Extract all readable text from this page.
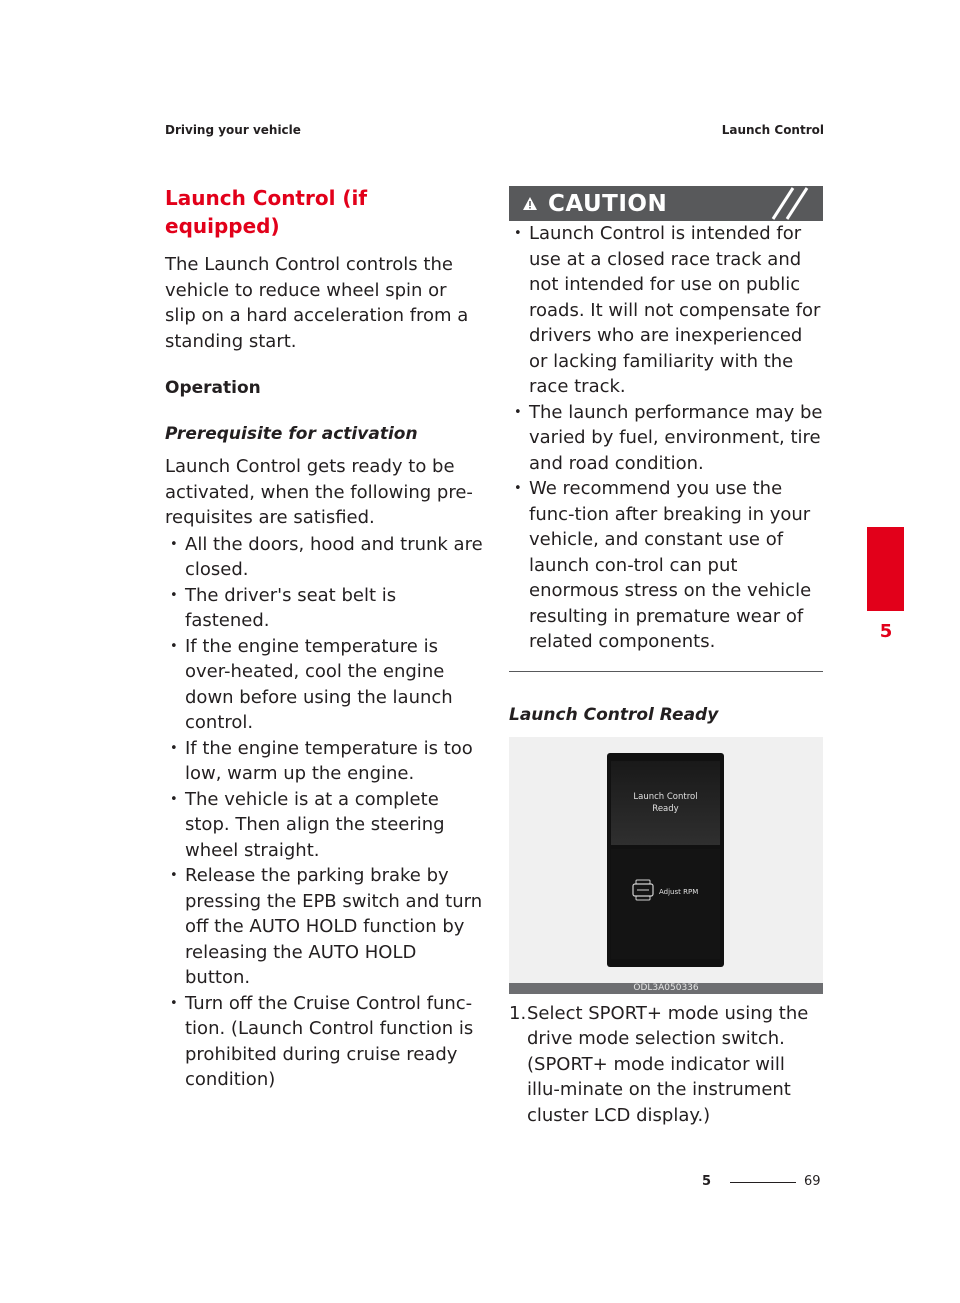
Driving your vehicle	Launch Control
Launch Control (if equipped)

The Launch Control controls the vehicle to reduce wheel spin or slip on a hard acceleration from a standing start.

Operation
Prerequisite for activation

Launch Control gets ready to be activated, when the following pre-requisites are satisfied.

• All the doors, hood and trunk are closed.
• The driver's seat belt is fastened.
• If the engine temperature is over-heated, cool the engine down before using the launch control.
• If the engine temperature is too low, warm up the engine.
• The vehicle is at a complete stop. Then align the steering wheel straight.
• Release the parking brake by pressing the EPB switch and turn off the AUTO HOLD function by releasing the AUTO HOLD button.
• Turn off the Cruise Control func-tion. (Launch Control function is prohibited during cruise ready condition)
CAUTION
• Launch Control is intended for use at a closed race track and not intended for use on public roads. It will not compensate for drivers who are inexperienced or lacking familiarity with the race track.
• The launch performance may be varied by fuel, environment, tire and road condition.
• We recommend you use the func-tion after breaking in your vehicle, and constant use of launch con-trol can put enormous stress on the vehicle resulting in premature wear of related components.
Launch Control Ready
Launch Control Ready
Adjust RPM
ODL3A050336
1. Select SPORT+ mode using the drive mode selection switch. (SPORT+ mode indicator will illu-minate on the instrument cluster LCD display.)
5
5	69
